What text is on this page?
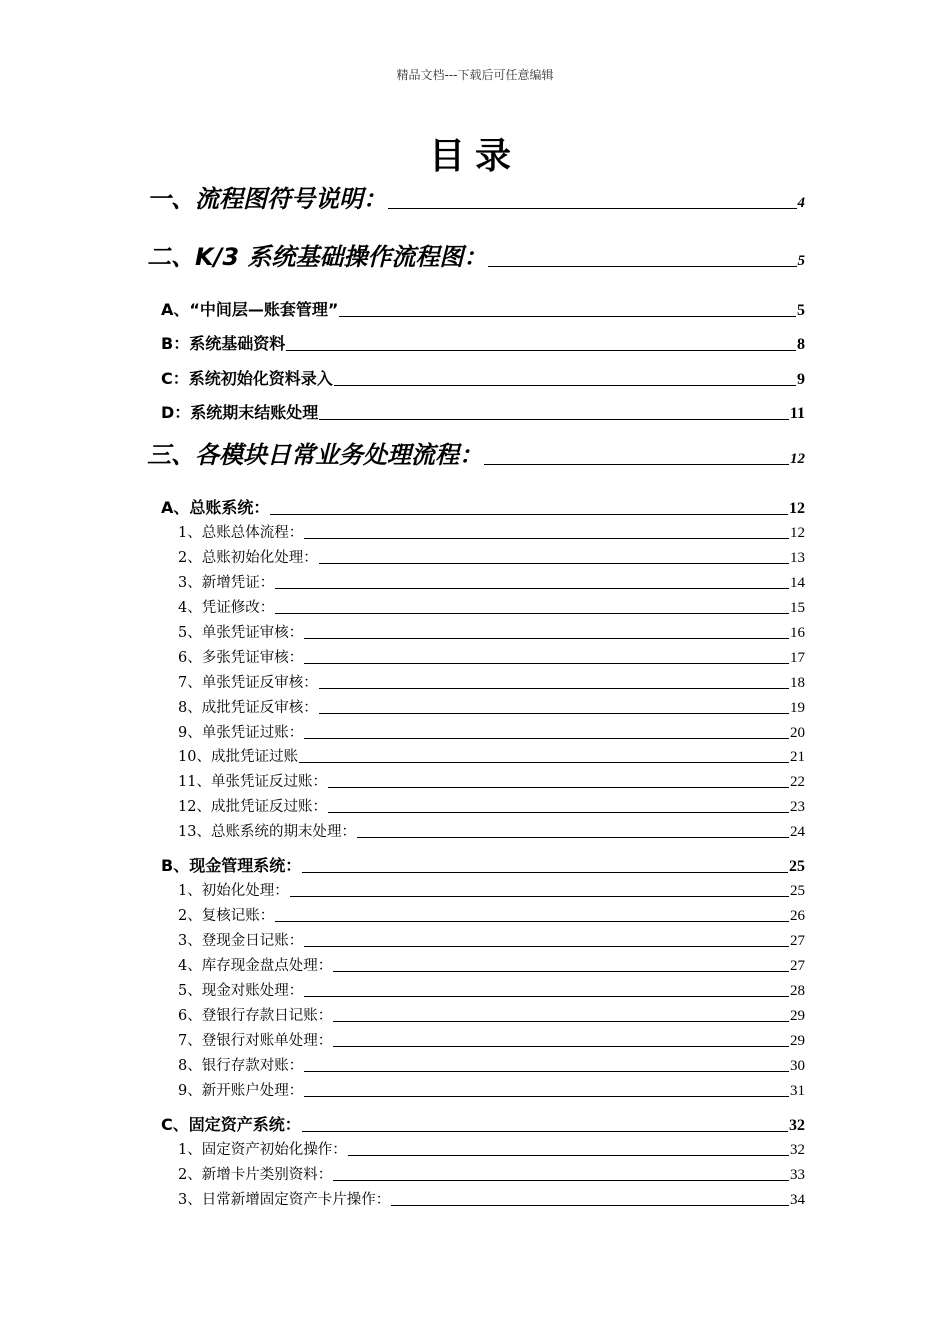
精品文档---下载后可任意编辑
目录
一、流程图符号说明：	4
二、K/3 系统基础操作流程图：	5
A、“中间层—账套管理”	5
B：系统基础资料	8
C：系统初始化资料录入	9
D：系统期末结账处理	11
三、各模块日常业务处理流程：	12
A、总账系统：	12
1、总账总体流程：	12
2、总账初始化处理：	13
3、新增凭证：	14
4、凭证修改：	15
5、单张凭证审核：	16
6、多张凭证审核：	17
7、单张凭证反审核：	18
8、成批凭证反审核：	19
9、单张凭证过账：	20
10、成批凭证过账	21
11、单张凭证反过账：	22
12、成批凭证反过账：	23
13、总账系统的期末处理：	24
B、现金管理系统：	25
1、初始化处理：	25
2、复核记账：	26
3、登现金日记账：	27
4、库存现金盘点处理：	27
5、现金对账处理：	28
6、登银行存款日记账：	29
7、登银行对账单处理：	29
8、银行存款对账：	30
9、新开账户处理：	31
C、固定资产系统：	32
1、固定资产初始化操作：	32
2、新增卡片类别资料：	33
3、日常新增固定资产卡片操作：	34
